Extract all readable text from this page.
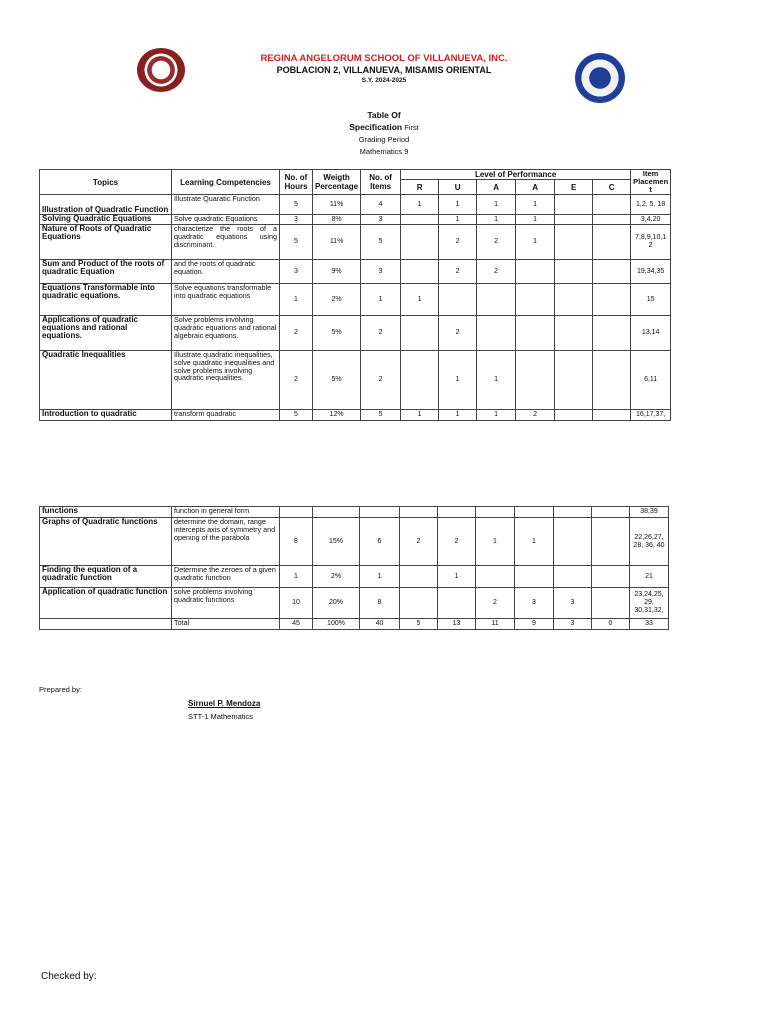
REGINA ANGELORUM SCHOOL OF VILLANUEVA, INC.
POBLACION 2, VILLANUEVA, MISAMIS ORIENTAL
S.Y. 2024-2025
Table Of
Specification First
Grading Period
Mathematics 9
Topics	Learning Competencies	No. of Hours	Weigth Percentage	No. of Items	Level of Performance						Item Placemen t
					R	U	A	A	E	C	
Illustration of Quadratic Function	Illustrate Quaratic Function	5	11%	4	1	1	1	1			1,2, 5, 18
Solving Quadratic Equations	Solve quadratic Equations	3	8%	3		1	1	1			3,4,20
Nature of Roots of Quadratic Equations	characterize the roots of a quadratic equations using discriminant.	5	11%	5		2	2	1			7,8,9,10,1 2
Sum and Product of the roots of quadratic Equation	and the roots of quadratic equation.	3	9%	3		2	2				19,34,35
Equations Transformable into quadratic equations.	Solve equations transformable into quadratic equations	1	2%	1	1						15
Applications of quadratic equations and rational equations.	Solve problems involving quadratic equations and rational algebraic equations.	2	5%	2		2					13,14
Quadratic Inequalities	Illustrate quadratic inequalities, solve quadratic inequalities and solve problems involving quadratic inequalities.	2	5%	2		1	1				6,11
Introduction to quadratic	transform quadratic	5	12%	5	1	1	1	2			16,17,37,
functions	function in general form										38,39
Graphs of Quadratic functions	determine the domain, range intercepts axis of symmetry and opening of the parabola	8	15%	6	2	2	1	1			22,26,27, 28, 36, 40
Finding the equation of a quadratic function	Determine the zeroes of a given quadratic function	1	2%	1		1					21
Application of quadratic function	solve problems involving quadratic functions	10	20%	8			2	3	3		23,24,25, 29, 30,31,32,
	Total	45	100%	40	5	13	11	9	3	0	33
Prepared by:
Sirnuel P. Mendoza
STT-1 Mathematics
Checked by:
